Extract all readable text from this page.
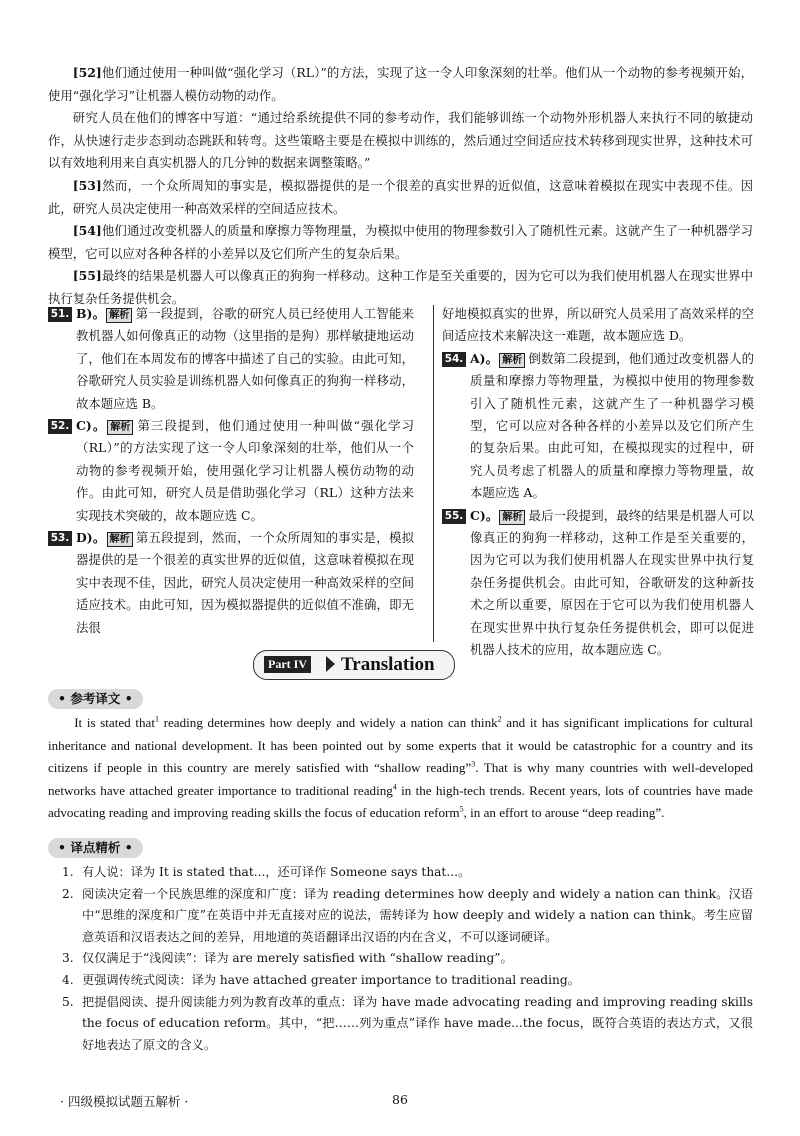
[52]他们通过使用一种叫做“强化学习（RL）”的方法，实现了这一令人印象深刻的壮举。他们从一个动物的参考视频开始，使用“强化学习”让机器人模仿动物的动作。

研究人员在他们的博客中写道：“通过给系统提供不同的参考动作，我们能够训练一个动物外形机器人来执行不同的敏捷动作，从快速行走步态到动态跳跃和转弯。这些策略主要是在模拟中训练的，然后通过空间适应技术转移到现实世界，这种技术可以有效地利用来自真实机器人的几分钟的数据来调整策略。”

[53]然而，一个众所周知的事实是，模拟器提供的是一个很差的真实世界的近似值，这意味着模拟在现实中表现不佳。因此，研究人员决定使用一种高效采样的空间适应技术。

[54]他们通过改变机器人的质量和摩擦力等物理量，为模拟中使用的物理参数引入了随机性元素。这就产生了一种机器学习模型，它可以应对各种各样的小差异以及它们所产生的复杂后果。

[55]最终的结果是机器人可以像真正的狗狗一样移动。这种工作是至关重要的，因为它可以为我们使用机器人在现实世界中执行复杂任务提供机会。

51. B)。 解析 第一段提到，谷歌的研究人员已经使用人工智能来教机器人如何像真正的动物（这里指的是狗）那样敏捷地运动了，他们在本周发布的博客中描述了自己的实验。由此可知，谷歌研究人员实验是训练机器人如何像真正的狗狗一样移动，故本题应选 B。

52. C)。 解析 第三段提到，他们通过使用一种叫做“强化学习（RL）”的方法实现了这一令人印象深刻的壮举，他们从一个动物的参考视频开始，使用强化学习让机器人模仿动物的动作。由此可知，研究人员是借助强化学习（RL）这种方法来实现技术突破的，故本题应选 C。

53. D)。 解析 第五段提到，然而，一个众所周知的事实是，模拟器提供的是一个很差的真实世界的近似值，这意味着模拟在现实中表现不佳，因此，研究人员决定使用一种高效采样的空间适应技术。由此可知，因为模拟器提供的近似值不准确，即无法很

好地模拟真实的世界，所以研究人员采用了高效采样的空间适应技术来解决这一难题，故本题应选 D。

54. A)。 解析 倒数第二段提到，他们通过改变机器人的质量和摩擦力等物理量，为模拟中使用的物理参数引入了随机性元素，这就产生了一种机器学习模型，它可以应对各种各样的小差异以及它们所产生的复杂后果。由此可知，在模拟现实的过程中，研究人员考虑了机器人的质量和摩擦力等物理量，故本题应选 A。

55. C)。 解析 最后一段提到，最终的结果是机器人可以像真正的狗狗一样移动，这种工作是至关重要的，因为它可以为我们使用机器人在现实世界中执行复杂任务提供机会。由此可知，谷歌研发的这种新技术之所以重要，原因在于它可以为我们使用机器人在现实世界中执行复杂任务提供机会，即可以促进机器人技术的应用，故本题应选 C。

Part IV Translation
• 参考译文 •

It is stated that$^1$ reading determines how deeply and widely a nation can think$^2$ and it has significant implications for cultural inheritance and national development. It has been pointed out by some experts that it would be catastrophic for a country and its citizens if people in this country are merely satisfied with “shallow reading”$^3$. That is why many countries with well-developed networks have attached greater importance to traditional reading$^4$ in the high-tech trends. Recent years, lots of countries have made advocating reading and improving reading skills the focus of education reform$^5$, in an effort to arouse “deep reading”.

• 译点精析 •
1. 有人说：译为 It is stated that...，还可译作 Someone says that...。
2. 阅读决定着一个民族思维的深度和广度：译为 reading determines how deeply and widely a nation can think。汉语中“思维的深度和广度”在英语中并无直接对应的说法，需转译为 how deeply and widely a nation can think。考生应留意英语和汉语表达之间的差异，用地道的英语翻译出汉语的内在含义，不可以逐词硬译。
3. 仅仅满足于“浅阅读”：译为 are merely satisfied with “shallow reading”。
4. 更强调传统式阅读：译为 have attached greater importance to traditional reading。
5. 把提倡阅读、提升阅读能力列为教育改革的重点：译为 have made advocating reading and improving reading skills the focus of education reform。其中，“把……列为重点”译作 have made...the focus，既符合英语的表达方式，又很好地表达了原文的含义。
· 四级模拟试题五解析 ·	86
